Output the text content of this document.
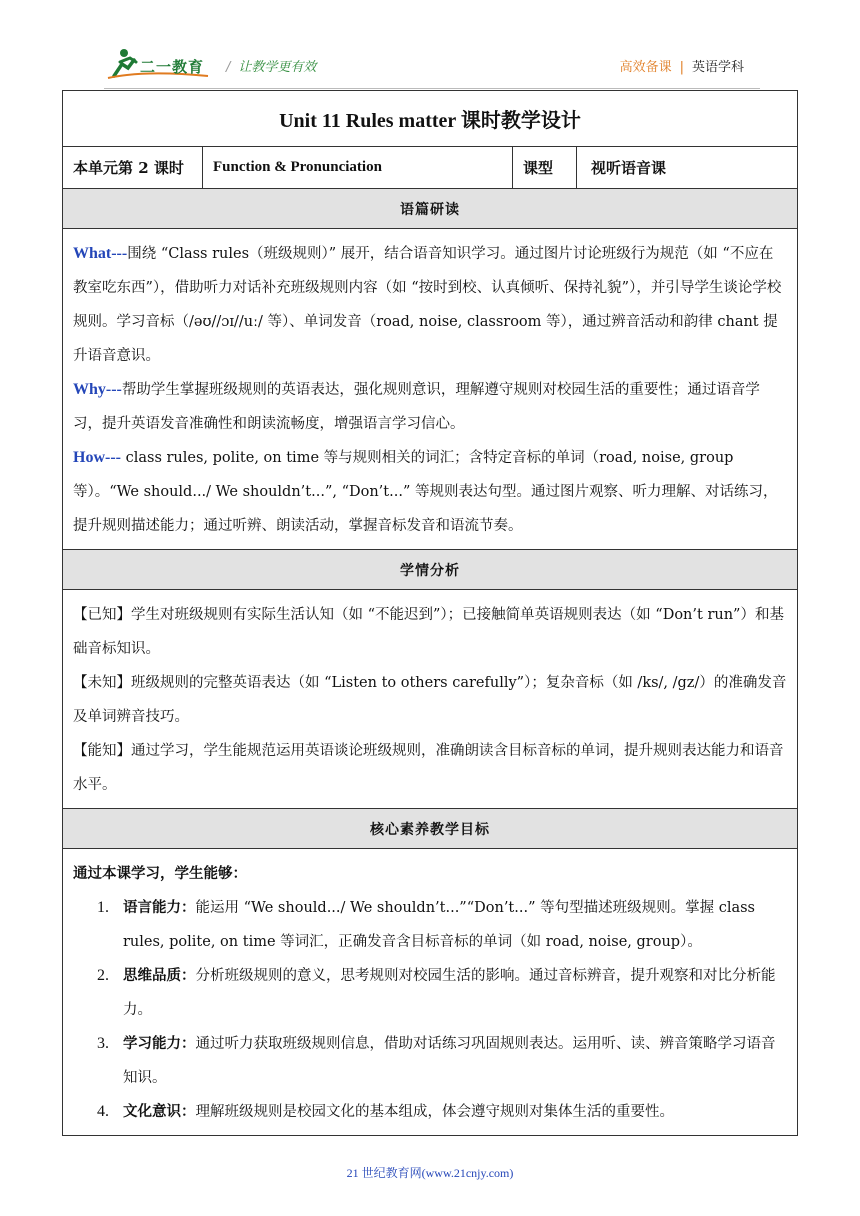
二一教育 / 让教学更有效	高效备课 | 英语学科
Unit 11 Rules matter 课时教学设计
本单元第 2 课时	Function & Pronunciation	课型	视听语音课
语篇研读

What---围绕 “Class rules（班级规则）” 展开，结合语音知识学习。通过图片讨论班级行为规范（如 “不应在教室吃东西”），借助听力对话补充班级规则内容（如 “按时到校、认真倾听、保持礼貌”），并引导学生谈论学校规则。学习音标（/əʊ//ɔɪ//uː/ 等）、单词发音（road, noise, classroom 等），通过辨音活动和韵律 chant 提升语音意识。

Why---帮助学生掌握班级规则的英语表达，强化规则意识，理解遵守规则对校园生活的重要性；通过语音学习，提升英语发音准确性和朗读流畅度，增强语言学习信心。

How--- class rules, polite, on time 等与规则相关的词汇；含特定音标的单词（road, noise, group 等）。“We should.../ We shouldn’t...”, “Don’t...” 等规则表达句型。通过图片观察、听力理解、对话练习，提升规则描述能力；通过听辨、朗读活动，掌握音标发音和语流节奏。

学情分析

【已知】学生对班级规则有实际生活认知（如 “不能迟到”）；已接触简单英语规则表达（如 “Don’t run”）和基础音标知识。

【未知】班级规则的完整英语表达（如 “Listen to others carefully”）；复杂音标（如 /ks/, /gz/）的准确发音及单词辨音技巧。

【能知】通过学习，学生能规范运用英语谈论班级规则，准确朗读含目标音标的单词，提升规则表达能力和语音水平。

核心素养教学目标

通过本课学习，学生能够：

1. 语言能力：能运用 “We should.../ We shouldn’t...”“Don’t...” 等句型描述班级规则。掌握 class rules, polite, on time 等词汇，正确发音含目标音标的单词（如 road, noise, group）。
2. 思维品质：分析班级规则的意义，思考规则对校园生活的影响。通过音标辨音，提升观察和对比分析能力。
3. 学习能力：通过听力获取班级规则信息，借助对话练习巩固规则表达。运用听、读、辨音策略学习语音知识。
4. 文化意识：理解班级规则是校园文化的基本组成，体会遵守规则对集体生活的重要性。
21 世纪教育网(www.21cnjy.com)
